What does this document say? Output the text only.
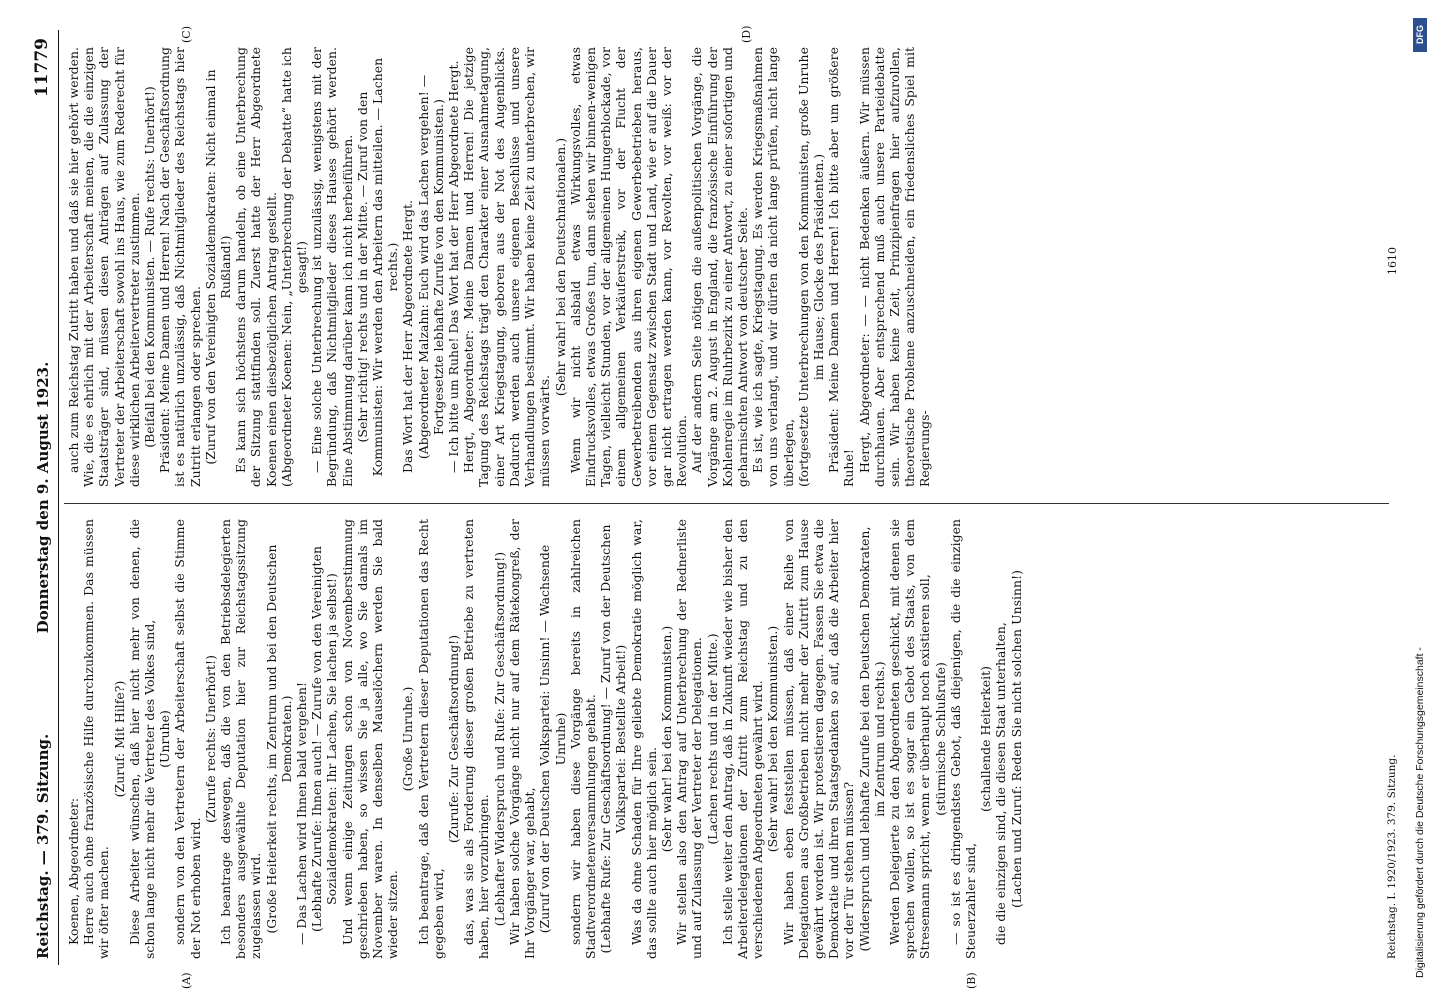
Reichstag. — 379. Sitzung.
Donnerstag den 9. August 1923.
11779
(A)	(B)
(C)	(D)

Koenen, Abgeordneter: Herre auch ohne französische Hilfe durchzukommen. Das müssen wir öfter machen.

(Zuruf: Mit Hilfe?) Diese Arbeiter wünschen, daß hier nicht mehr von denen, die schon lange nicht mehr die Vertreter des Volkes sind, (Unruhe) sondern von den Vertretern der Arbeiterschaft selbst die Stimme der Not erhoben wird.

(Zurufe rechts: Unerhört!) Ich beantrage deswegen, daß die von den Betriebsdelegierten besonders ausgewählte Deputation hier zur Reichstagssitzung zugelassen wird. (Große Heiterkeit rechts, im Zentrum und bei den Deutschen Demokraten.) — Das Lachen wird Ihnen bald vergehen! (Lebhafte Zurufe: Ihnen auch! — Zurufe von den Vereinigten Sozialdemokraten: Ihr Lachen, Sie lachen ja selbst!) Und wenn einige Zeitungen schon von Novemberstimmung geschrieben haben, so wissen Sie ja alle, wo Sie damals im November waren. In denselben Mauselöchern werden Sie bald wieder sitzen.

(Große Unruhe.) Ich beantrage, daß den Vertretern dieser Deputationen das Recht gegeben wird,

(Zurufe: Zur Geschäftsordnung!) das, was sie als Forderung dieser großen Betriebe zu vertreten haben, hier vorzubringen. (Lebhafter Widerspruch und Rufe: Zur Geschäftsordnung!) Wir haben solche Vorgänge nicht nur auf dem Rätekongreß, der Ihr Vorgänger war, gehabt, (Zuruf von der Deutschen Volkspartei: Unsinn! — Wachsende Unruhe) sondern wir haben diese Vorgänge bereits in zahlreichen Stadtverordnetenversammlungen gehabt. (Lebhafte Rufe: Zur Geschäftsordnung! — Zuruf von der Deutschen Volkspartei: Bestellte Arbeit!) Was da ohne Schaden für Ihre geliebte Demokratie möglich war, das sollte auch hier möglich sein.

(Sehr wahr! bei den Kommunisten.) Wir stellen also den Antrag auf Unterbrechung der Rednerliste und auf Zulassung der Vertreter der Delegationen. (Lachen rechts und in der Mitte.) Ich stelle weiter den Antrag, daß in Zukunft wieder wie bisher den Arbeiterdelegationen der Zutritt zum Reichstag und zu den verschiedenen Abgeordneten gewährt wird. (Sehr wahr! bei den Kommunisten.) Wir haben eben feststellen müssen, daß einer Reihe von Delegationen aus Großbetrieben nicht mehr der Zutritt zum Hause gewährt worden ist. Wir protestieren dagegen. Fassen Sie etwa die Demokratie und ihren Staatsgedanken so auf, daß die Arbeiter hier vor der Tür stehen müssen? (Widerspruch und lebhafte Zurufe bei den Deutschen Demokraten, im Zentrum und rechts.) Werden Delegierte zu den Abgeordneten geschickt, mit denen sie sprechen wollen, so ist es sogar ein Gebot des Staats, von dem Stresemann spricht, wenn er überhaupt noch existieren soll, (stürmische Schlußrufe) — so ist es dringendstes Gebot, daß diejenigen, die die einzigen Steuerzahler sind,

(schallende Heiterkeit) die die einzigen sind, die diesen Staat unterhalten, (Lachen und Zuruf: Reden Sie nicht solchen Unsinn!)

auch zum Reichstag Zutritt haben und daß sie hier gehört werden. Wie, die es ehrlich mit der Arbeiterschaft meinen, die die einzigen Staatsträger sind, müssen diesen Anträgen auf Zulassung der Vertreter der Arbeiterschaft sowohl ins Haus, wie zum Rederecht für diese wirklichen Arbeitervertreter zustimmen. (Beifall bei den Kommunisten. — Rufe rechts: Unerhört!) Präsident: Meine Damen und Herren! Nach der Geschäftsordnung ist es natürlich unzulässig, daß Nichtmitglieder des Reichstags hier Zutritt erlangen oder sprechen. (Zuruf von den Vereinigten Sozialdemokraten: Nicht einmal in Rußland!) Es kann sich höchstens darum handeln, ob eine Unterbrechung der Sitzung stattfinden soll. Zuerst hatte der Herr Abgeordnete Koenen einen diesbezüglichen Antrag gestellt. (Abgeordneter Koenen: Nein, „Unterbrechung der Debatte“ hatte ich gesagt!) — Eine solche Unterbrechung ist unzulässig, wenigstens mit der Begründung, daß Nichtmitglieder dieses Hauses gehört werden. Eine Abstimmung darüber kann ich nicht herbeiführen. (Sehr richtig! rechts und in der Mitte. — Zuruf von den Kommunisten: Wir werden den Arbeitern das mitteilen. — Lachen rechts.) Das Wort hat der Herr Abgeordnete Hergt. (Abgeordneter Malzahn: Euch wird das Lachen vergehen! — Fortgesetzte lebhafte Zurufe von den Kommunisten.) — Ich bitte um Ruhe! Das Wort hat der Herr Abgeordnete Hergt. Hergt, Abgeordneter: Meine Damen und Herren! Die jetzige Tagung des Reichstags trägt den Charakter einer Ausnahmetagung, einer Art Kriegstagung, geboren aus der Not des Augenblicks. Dadurch werden auch unsere eigenen Beschlüsse und unsere Verhandlungen bestimmt. Wir haben keine Zeit zu unterbrechen, wir müssen vorwärts.

(Sehr wahr! bei den Deutschnationalen.) Wenn wir nicht alsbald etwas Wirkungsvolles, etwas Eindrucksvolles, etwas Großes tun, dann stehen wir binnen-wenigen Tagen, vielleicht Stunden, vor der allgemeinen Hungerblockade, vor einem allgemeinen Verkäuferstreik, vor der Flucht der Gewerbetreibenden aus ihren eigenen Gewerbebetrieben heraus, vor einem Gegensatz zwischen Stadt und Land, wie er auf die Dauer gar nicht ertragen werden kann, vor Revolten, vor weiß: vor der Revolution. Auf der andern Seite nötigen die außenpolitischen Vorgänge, die Vorgänge am 2. August in England, die französische Einführung der Kohlenregie im Ruhrbezirk zu einer Antwort, zu einer sofortigen und geharnischten Antwort von deutscher Seite. Es ist, wie ich sagte, Kriegstagung. Es werden Kriegsmaßnahmen von uns verlangt, und wir dürfen da nicht lange prüfen, nicht lange überlegen, (fortgesetzte Unterbrechungen von den Kommunisten, große Unruhe im Hause; Glocke des Präsidenten.) Präsident: Meine Damen und Herren! Ich bitte aber um größere Ruhe! Hergt, Abgeordneter: — — nicht Bedenken äußern. Wir müssen durchhauen. Aber entsprechend muß auch unsere Parteidebatte sein. Wir haben keine Zeit, Prinzipienfragen hier aufzurollen, theoretische Probleme anzuschneiden, ein friedensliches Spiel mit Regierungs-

Reichstag. I. 1920/1923. 379. Sitzung.
1610
DFG
Digitalisierung gefördert durch die Deutsche Forschungsgemeinschaft -
